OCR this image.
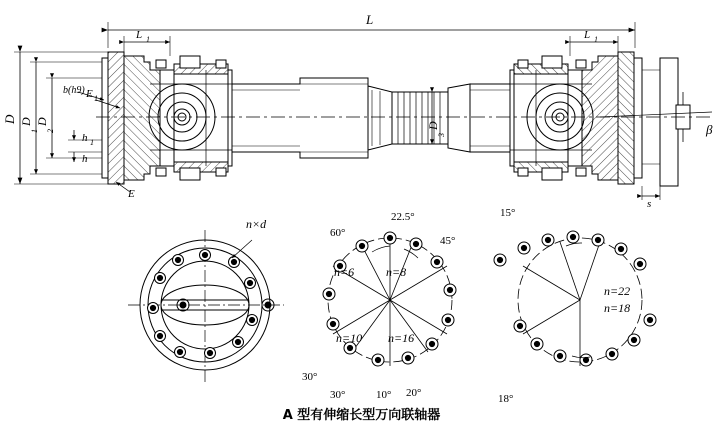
L
L 1	L 1
D D
1
D
2
D
3
b(h9) E 1
h 1
h
E
s
β
n×d
60°
22.5°
45°
n=6	n=8
n=10 n=16
30°
30°	10° 20°
15°
18°
n=22
n=18
A 型有伸缩长型万向联轴器
